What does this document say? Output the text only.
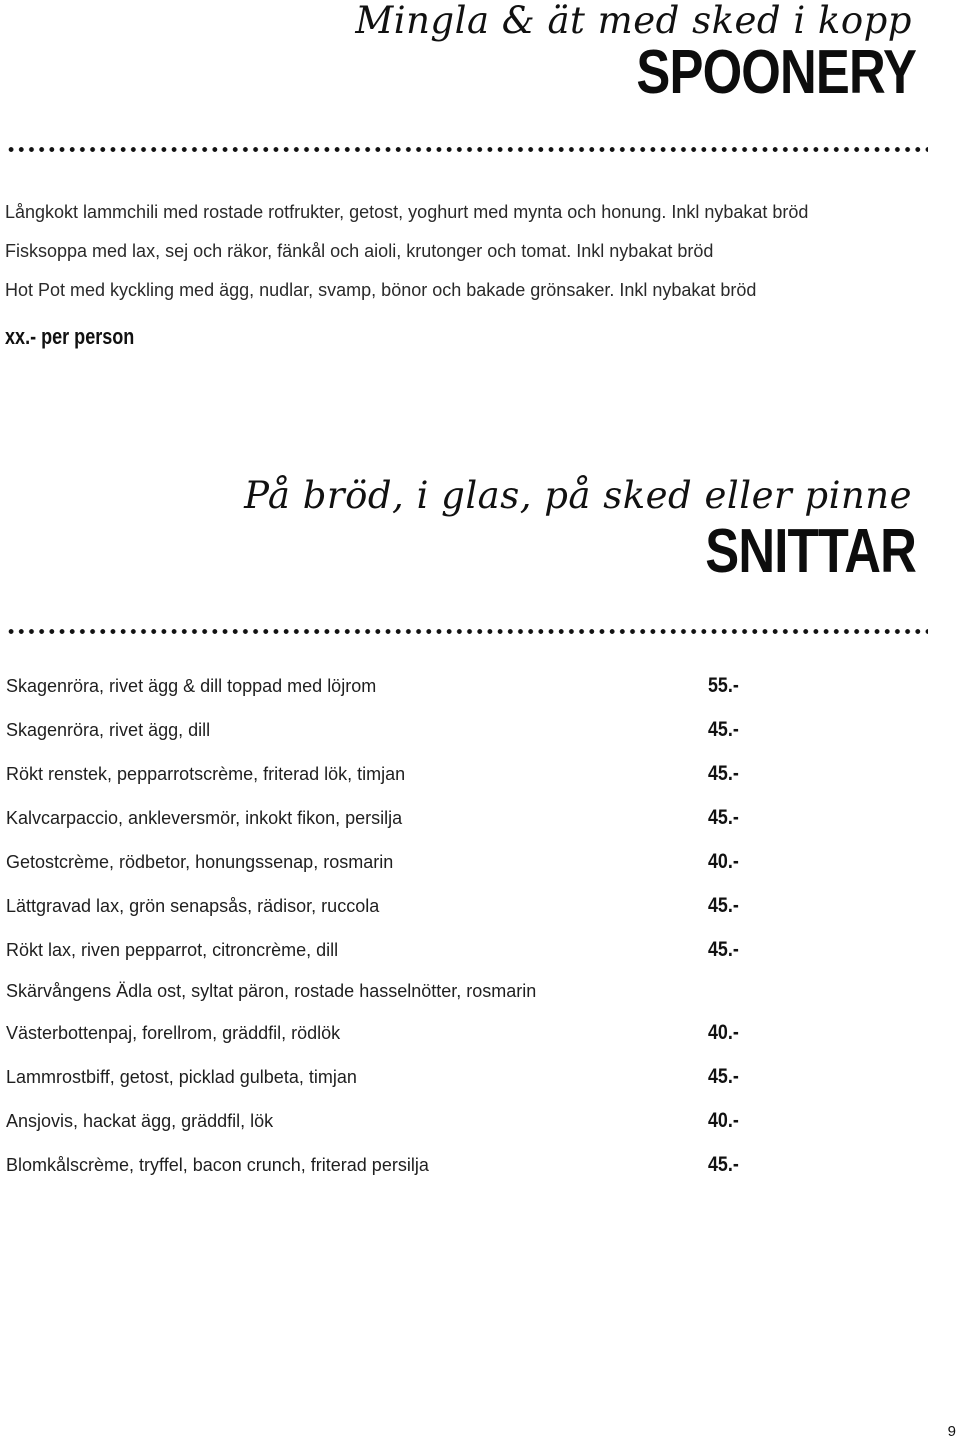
Mingla & ät med sked i kopp
SPOONERY
Långkokt lammchili med rostade rotfrukter, getost, yoghurt med mynta och honung. Inkl nybakat bröd
Fisksoppa med lax, sej och räkor, fänkål och aioli, krutonger och tomat. Inkl nybakat bröd
Hot Pot med kyckling med ägg, nudlar, svamp, bönor och bakade grönsaker. Inkl nybakat bröd
xx.- per person
På bröd, i glas, på sked eller pinne
SNITTAR
Skagenröra, rivet ägg & dill toppad med löjrom	55.-
Skagenröra, rivet ägg, dill	45.-
Rökt renstek, pepparrotscrème, friterad lök, timjan	45.-
Kalvcarpaccio, ankleversmör, inkokt fikon, persilja	45.-
Getostcrème, rödbetor, honungssenap, rosmarin	40.-
Lättgravad lax, grön senapsås, rädisor, ruccola	45.-
Rökt lax, riven pepparrot, citroncrème, dill	45.-
Skärvångens Ädla ost, syltat päron, rostade hasselnötter, rosmarin
Västerbottenpaj, forellrom, gräddfil, rödlök	40.-
Lammrostbiff, getost, picklad gulbeta, timjan	45.-
Ansjovis, hackat ägg, gräddfil, lök	40.-
Blomkålscrème, tryffel, bacon crunch, friterad persilja	45.-
9
